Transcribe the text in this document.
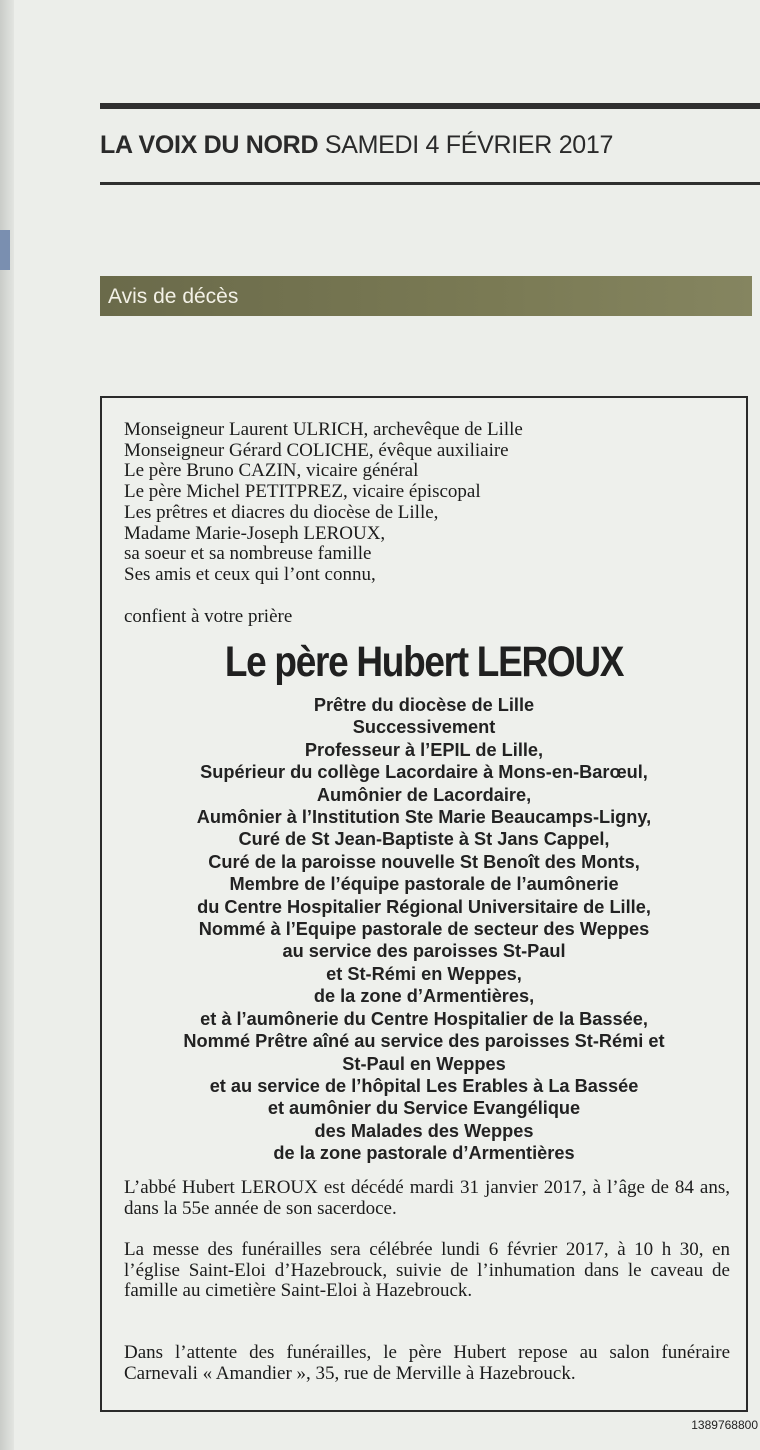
LA VOIX DU NORD SAMEDI 4 FÉVRIER 2017
Avis de décès
Monseigneur Laurent ULRICH, archevêque de Lille
Monseigneur Gérard COLICHE, évêque auxiliaire
Le père Bruno CAZIN, vicaire général
Le père Michel PETITPREZ, vicaire épiscopal
Les prêtres et diacres du diocèse de Lille,
Madame Marie-Joseph LEROUX,
sa soeur et sa nombreuse famille
Ses amis et ceux qui l’ont connu,
confient à votre prière
Le père Hubert LEROUX
Prêtre du diocèse de Lille
Successivement
Professeur à l’EPIL de Lille,
Supérieur du collège Lacordaire à Mons-en-Barœul,
Aumônier de Lacordaire,
Aumônier à l’Institution Ste Marie Beaucamps-Ligny,
Curé de St Jean-Baptiste à St Jans Cappel,
Curé de la paroisse nouvelle St Benoît des Monts,
Membre de l’équipe pastorale de l’aumônerie
du Centre Hospitalier Régional Universitaire de Lille,
Nommé à l’Equipe pastorale de secteur des Weppes
au service des paroisses St-Paul
et St-Rémi en Weppes,
de la zone d’Armentières,
et à l’aumônerie du Centre Hospitalier de la Bassée,
Nommé Prêtre aîné au service des paroisses St-Rémi et
St-Paul en Weppes
et au service de l’hôpital Les Erables à La Bassée
et aumônier du Service Evangélique
des Malades des Weppes
de la zone pastorale d’Armentières
L’abbé Hubert LEROUX est décédé mardi 31 janvier 2017, à l’âge de 84 ans, dans la 55e année de son sacerdoce.
La messe des funérailles sera célébrée lundi 6 février 2017, à 10 h 30, en l’église Saint-Eloi d’Hazebrouck, suivie de l’inhumation dans le caveau de famille au cimetière Saint-Eloi à Hazebrouck.
Dans l’attente des funérailles, le père Hubert repose au salon funéraire Carnevali « Amandier », 35, rue de Merville à Hazebrouck.
1389768800
